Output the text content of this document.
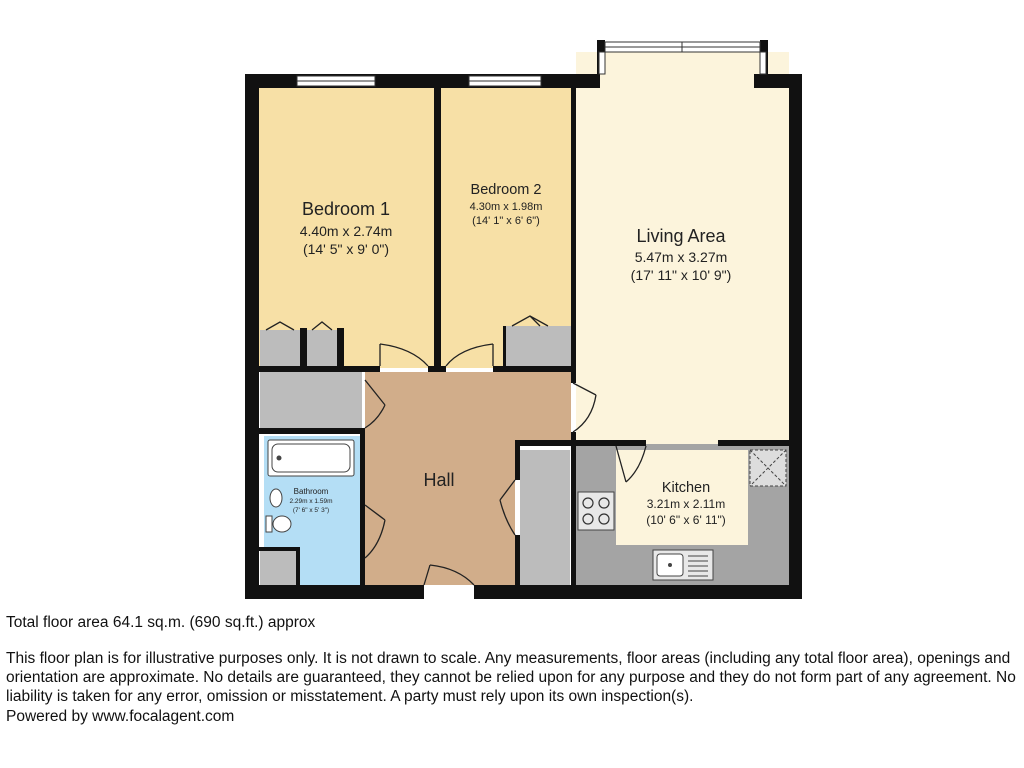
Bedroom 1
4.40m x 2.74m
(14' 5" x 9' 0")
Bedroom 2
4.30m x 1.98m
(14' 1" x 6' 6")
Living Area
5.47m x 3.27m
(17' 11" x 10' 9")
Kitchen
3.21m x 2.11m
(10' 6" x 6' 11")
Bathroom
2.29m x 1.59m
(7' 6" x 5' 3")
Hall
Total floor area 64.1 sq.m. (690 sq.ft.) approx
This floor plan is for illustrative purposes only. It is not drawn to scale. Any measurements, floor areas (including any total floor area), openings and orientation are approximate. No details are guaranteed, they cannot be relied upon for any purpose and they do not form part of any agreement. No liability is taken for any error, omission or misstatement. A party must rely upon its own inspection(s).
Powered by www.focalagent.com
